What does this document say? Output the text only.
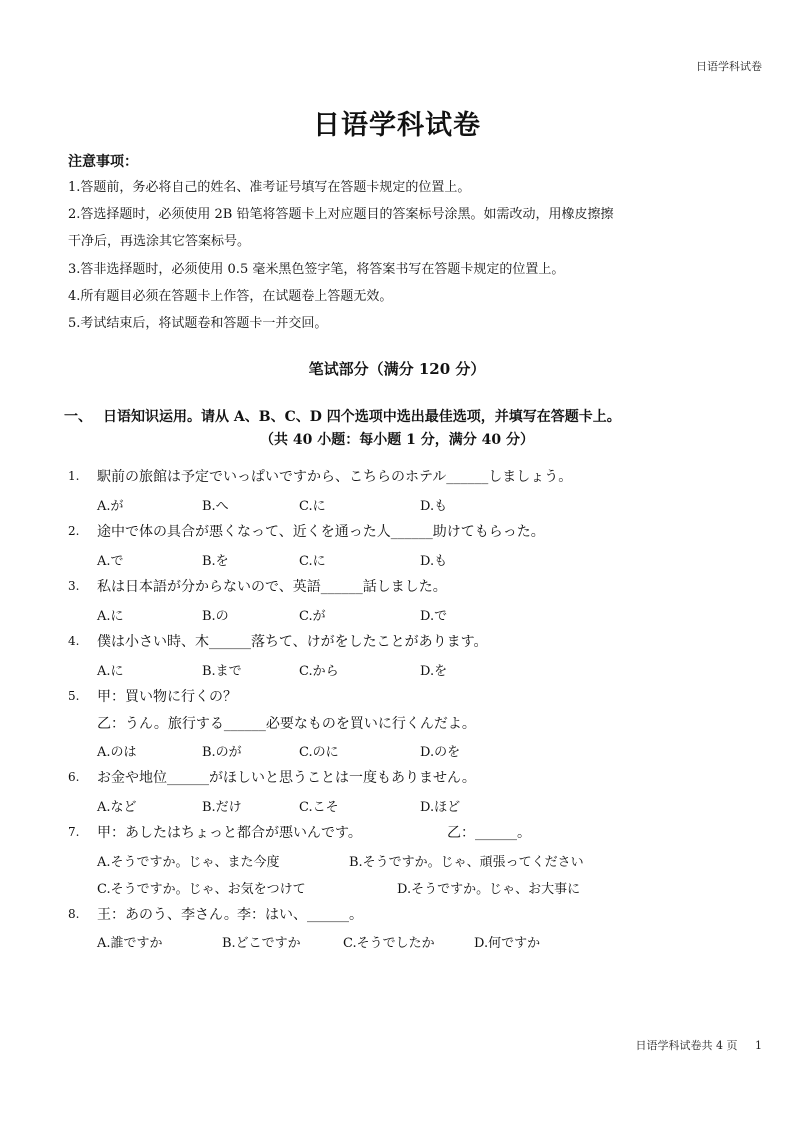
日语学科试卷
日语学科试卷
注意事项：
1.答题前，务必将自己的姓名、准考证号填写在答题卡规定的位置上。
2.答选择题时，必须使用 2B 铅笔将答题卡上对应题目的答案标号涂黑。如需改动，用橡皮擦擦
干净后，再选涂其它答案标号。
3.答非选择题时，必须使用 0.5 毫米黑色签字笔，将答案书写在答题卡规定的位置上。
4.所有题目必须在答题卡上作答，在试题卷上答题无效。
5.考试结束后，将试题卷和答题卡一并交回。
笔试部分（满分 120 分）
一、 日语知识运用。请从 A、B、C、D 四个选项中选出最佳选项，并填写在答题卡上。
（共 40 小题：每小题 1 分，满分 40 分）
1. 駅前の旅館は予定でいっぱいですから、こちらのホテル______しましょう。
A.が	B.へ	C.に	D.も
2. 途中で体の具合が悪くなって、近くを通った人______助けてもらった。
A.で	B.を	C.に	D.も
3. 私は日本語が分からないので、英語______話しました。
A.に	B.の	C.が	D.で
4. 僕は小さい時、木______落ちて、けがをしたことがあります。
A.に	B.まで	C.から	D.を
5. 甲：買い物に行くの？
乙：うん。旅行する______必要なものを買いに行くんだよ。
A.のは	B.のが	C.のに	D.のを
6. お金や地位______がほしいと思うことは一度もありません。
A.など	B.だけ	C.こそ	D.ほど
7. 甲：あしたはちょっと都合が悪いんです。	乙：______。
A.そうですか。じゃ、また今度	B.そうですか。じゃ、頑張ってください
C.そうですか。じゃ、お気をつけて	D.そうですか。じゃ、お大事に
8. 王：あのう、李さん。 李：はい、______。
A.誰ですか	B.どこですか	C.そうでしたか	D.何ですか
日语学科试卷共 4 页 1
